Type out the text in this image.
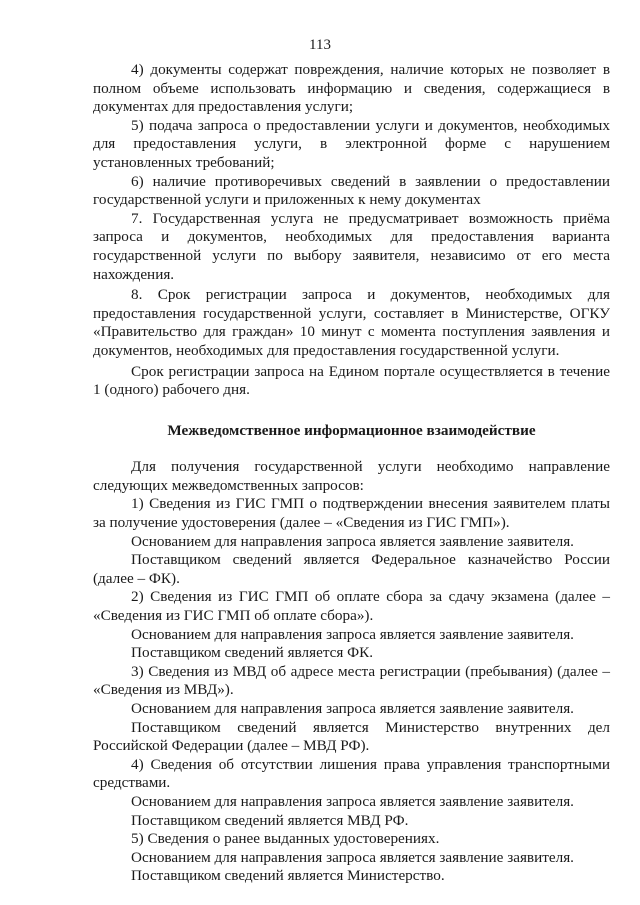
113

4) документы содержат повреждения, наличие которых не позволяет в полном объеме использовать информацию и сведения, содержащиеся в документах для предоставления услуги;

5) подача запроса о предоставлении услуги и документов, необходимых для предоставления услуги, в электронной форме с нарушением установленных требований;

6) наличие противоречивых сведений в заявлении о предоставлении государственной услуги и приложенных к нему документах

7. Государственная услуга не предусматривает возможность приёма запроса и документов, необходимых для предоставления варианта государственной услуги по выбору заявителя, независимо от его места нахождения.

8. Срок регистрации запроса и документов, необходимых для предоставления государственной услуги, составляет в Министерстве, ОГКУ «Правительство для граждан» 10 минут с момента поступления заявления и документов, необходимых для предоставления государственной услуги.

Срок регистрации запроса на Едином портале осуществляется в течение 1 (одного) рабочего дня.

Межведомственное информационное взаимодействие

Для получения государственной услуги необходимо направление следующих межведомственных запросов:

1) Сведения из ГИС ГМП о подтверждении внесения заявителем платы за получение удостоверения (далее – «Сведения из ГИС ГМП»).

Основанием для направления запроса является заявление заявителя.

Поставщиком сведений является Федеральное казначейство России (далее – ФК).

2) Сведения из ГИС ГМП об оплате сбора за сдачу экзамена (далее – «Сведения из ГИС ГМП об оплате сбора»).

Основанием для направления запроса является заявление заявителя.

Поставщиком сведений является ФК.

3) Сведения из МВД об адресе места регистрации (пребывания) (далее – «Сведения из МВД»).

Основанием для направления запроса является заявление заявителя.

Поставщиком сведений является Министерство внутренних дел Российской Федерации (далее – МВД РФ).

4) Сведения об отсутствии лишения права управления транспортными средствами.

Основанием для направления запроса является заявление заявителя.

Поставщиком сведений является МВД РФ.

5) Сведения о ранее выданных удостоверениях.

Основанием для направления запроса является заявление заявителя.

Поставщиком сведений является Министерство.
